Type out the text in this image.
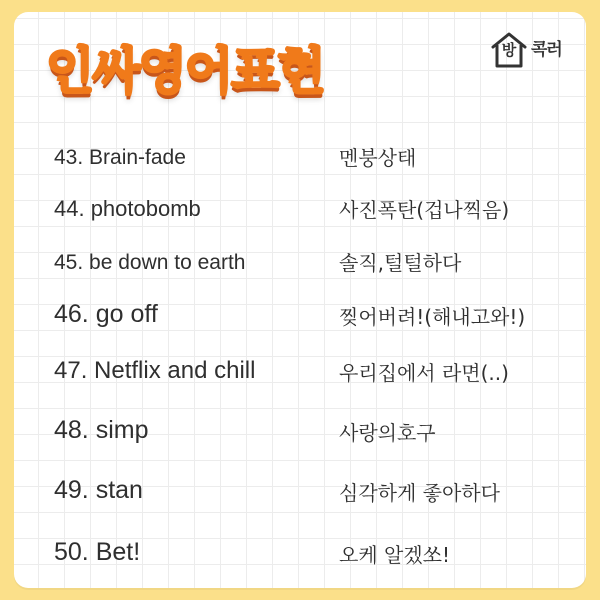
인싸영어표현	방 콕러
43. Brain-fade	멘붕상태
44. photobomb	사진폭탄(겁나찍음)
45. be down to earth	솔직,털털하다
46. go off	찢어버려!(해내고와!)
47. Netflix and chill	우리집에서 라면(..)
48. simp	사랑의호구
49. stan	심각하게 좋아하다
50. Bet!	오케 알겠쏘!
